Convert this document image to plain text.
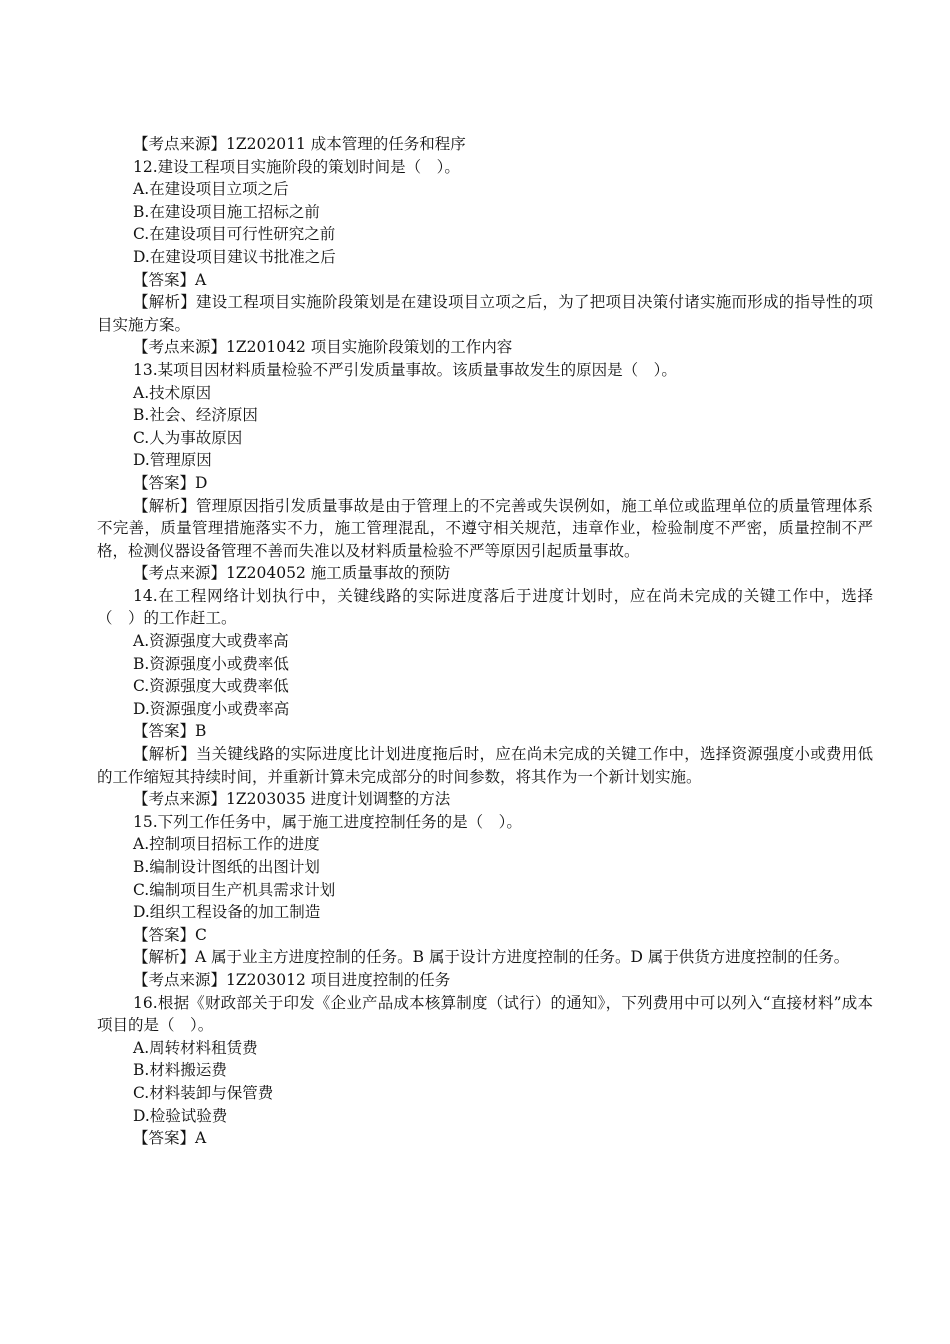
【考点来源】1Z202011 成本管理的任务和程序

12.建设工程项目实施阶段的策划时间是（　）。

A.在建设项目立项之后

B.在建设项目施工招标之前

C.在建设项目可行性研究之前

D.在建设项目建议书批准之后

【答案】A

【解析】建设工程项目实施阶段策划是在建设项目立项之后，为了把项目决策付诸实施而形成的指导性的项目实施方案。

【考点来源】1Z201042 项目实施阶段策划的工作内容

13.某项目因材料质量检验不严引发质量事故。该质量事故发生的原因是（　）。

A.技术原因

B.社会、经济原因

C.人为事故原因

D.管理原因

【答案】D

【解析】管理原因指引发质量事故是由于管理上的不完善或失误例如，施工单位或监理单位的质量管理体系不完善，质量管理措施落实不力，施工管理混乱，不遵守相关规范，违章作业，检验制度不严密，质量控制不严格，检测仪器设备管理不善而失准以及材料质量检验不严等原因引起质量事故。

【考点来源】1Z204052 施工质量事故的预防

14.在工程网络计划执行中，关键线路的实际进度落后于进度计划时，应在尚未完成的关键工作中，选择（　）的工作赶工。

A.资源强度大或费率高

B.资源强度小或费率低

C.资源强度大或费率低

D.资源强度小或费率高

【答案】B

【解析】当关键线路的实际进度比计划进度拖后时，应在尚未完成的关键工作中，选择资源强度小或费用低的工作缩短其持续时间，并重新计算未完成部分的时间参数，将其作为一个新计划实施。

【考点来源】1Z203035 进度计划调整的方法

15.下列工作任务中，属于施工进度控制任务的是（　）。

A.控制项目招标工作的进度

B.编制设计图纸的出图计划

C.编制项目生产机具需求计划

D.组织工程设备的加工制造

【答案】C

【解析】A 属于业主方进度控制的任务。B 属于设计方进度控制的任务。D 属于供货方进度控制的任务。

【考点来源】1Z203012 项目进度控制的任务

16.根据《财政部关于印发《企业产品成本核算制度（试行）的通知》，下列费用中可以列入“直接材料”成本项目的是（　）。

A.周转材料租赁费

B.材料搬运费

C.材料装卸与保管费

D.检验试验费

【答案】A
